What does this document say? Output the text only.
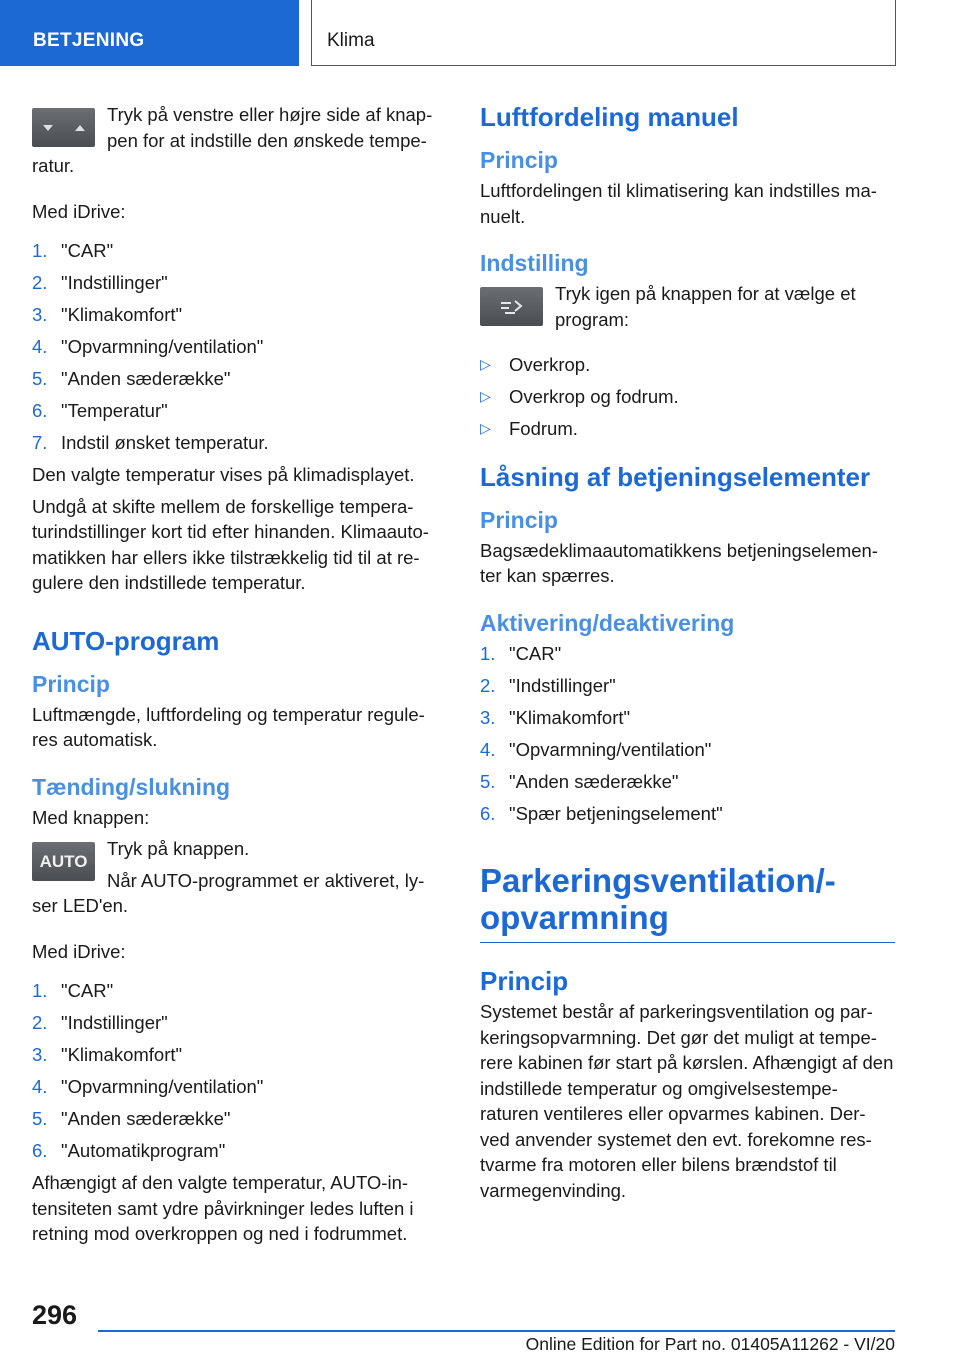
BETJENING	Klima

Tryk på venstre eller højre side af knap-pen for at indstille den ønskede tempe-ratur.

Med iDrive:

1. "CAR"
2. "Indstillinger"
3. "Klimakomfort"
4. "Opvarmning/ventilation"
5. "Anden sæderække"
6. "Temperatur"
7. Indstil ønsket temperatur.

Den valgte temperatur vises på klimadisplayet.

Undgå at skifte mellem de forskellige tempera-turindstillinger kort tid efter hinanden. Klimaauto-matikken har ellers ikke tilstrækkelig tid til at re-gulere den indstillede temperatur.

AUTO-program
Princip

Luftmængde, luftfordeling og temperatur regule-res automatisk.

Tænding/slukning

Med knappen:

AUTO

Tryk på knappen.

Når AUTO-programmet er aktiveret, ly-ser LED'en.

Med iDrive:

1. "CAR"
2. "Indstillinger"
3. "Klimakomfort"
4. "Opvarmning/ventilation"
5. "Anden sæderække"
6. "Automatikprogram"

Afhængigt af den valgte temperatur, AUTO-in-tensiteten samt ydre påvirkninger ledes luften i retning mod overkroppen og ned i fodrummet.

Luftfordeling manuel
Princip

Luftfordelingen til klimatisering kan indstilles ma-nuelt.

Indstilling

Tryk igen på knappen for at vælge et program:

▷ Overkrop.
▷ Overkrop og fodrum.
▷ Fodrum.
Låsning af betjeningselementer
Princip

Bagsædeklimaautomatikkens betjeningselemen-ter kan spærres.

Aktivering/deaktivering
1. "CAR"
2. "Indstillinger"
3. "Klimakomfort"
4. "Opvarmning/ventilation"
5. "Anden sæderække"
6. "Spær betjeningselement"
Parkeringsventilation/-opvarmning
Princip

Systemet består af parkeringsventilation og par-keringsopvarmning. Det gør det muligt at tempe-rere kabinen før start på kørslen. Afhængigt af den indstillede temperatur og omgivelsestempe-raturen ventileres eller opvarmes kabinen. Der-ved anvender systemet den evt. forekomne res-tvarme fra motoren eller bilens brændstof til varmegenvinding.

296
Online Edition for Part no. 01405A11262 - VI/20
